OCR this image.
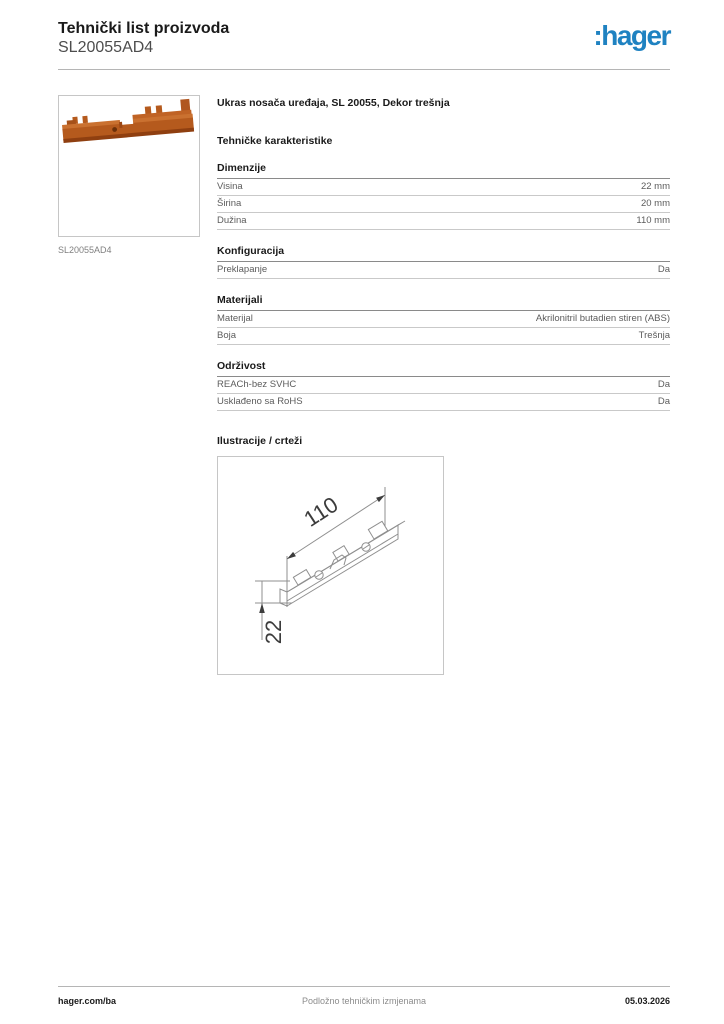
Tehnički list proizvoda
SL20055AD4	:hager
SL20055AD4
Ukras nosača uređaja, SL 20055, Dekor trešnja
Tehničke karakteristike
Dimenzije
Visina	22 mm
Širina	20 mm
Dužina	110 mm
Konfiguracija
Preklapanje	Da
Materijali
Materijal	Akrilonitril butadien stiren (ABS)
Boja	Trešnja
Održivost
REACh-bez SVHC	Da
Usklađeno sa RoHS	Da
Ilustracije / crteži
110
22
hager.com/ba	Podložno tehničkim izmjenama	05.03.2026
